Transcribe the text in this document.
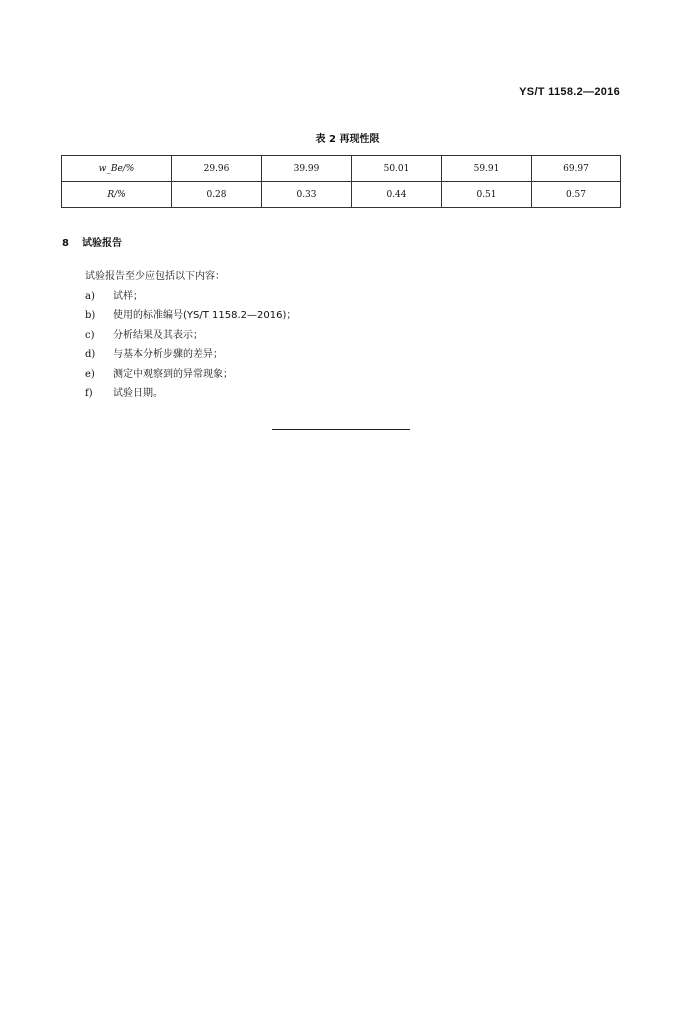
YS/T 1158.2—2016
表 2 再现性限
w_Be/%	29.96	39.99	50.01	59.91	69.97
R/%	0.28	0.33	0.44	0.51	0.57
8 试验报告
试验报告至少应包括以下内容：
a) 试样；
b) 使用的标准编号(YS/T 1158.2—2016)；
c) 分析结果及其表示；
d) 与基本分析步骤的差异；
e) 测定中观察到的异常现象；
f) 试验日期。
